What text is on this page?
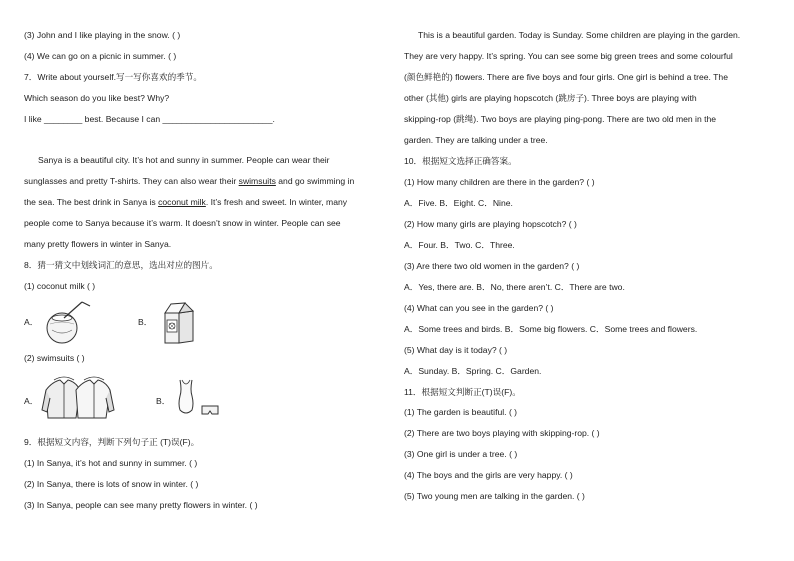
(3) John and I like playing in the snow. ( )
(4) We can go on a picnic in summer. ( )
7．Write about yourself.写一写你喜欢的季节。
Which season do you like best? Why?
I like ________ best. Because I can _______________________.
Sanya is a beautiful city. It’s hot and sunny in summer. People can wear their
sunglasses and pretty T-shirts. They can also wear their swimsuits and go swimming in
the sea. The best drink in Sanya is coconut milk. It’s fresh and sweet. In winter, many
people come to Sanya because it’s warm. It doesn’t snow in winter. People can see
many pretty flowers in winter in Sanya.
8．猜一猜文中划线词汇的意思，选出对应的图片。
(1) coconut milk ( )
A．	B．
(2) swimsuits ( )
A．	B．
9．根据短文内容，判断下列句子正 (T)误(F)。
(1) In Sanya, it’s hot and sunny in summer. ( )
(2) In Sanya, there is lots of snow in winter. ( )
(3) In Sanya, people can see many pretty flowers in winter. ( )
This is a beautiful garden. Today is Sunday. Some children are playing in the garden.
They are very happy. It’s spring. You can see some big green trees and some colourful
(颜色鲜艳的) flowers. There are five boys and four girls. One girl is behind a tree. The
other (其他) girls are playing hopscotch (跳房子). Three boys are playing with
skipping-rop (跳绳). Two boys are playing ping-pong. There are two old men in the
garden. They are talking under a tree.
10．根据短文选择正确答案。
(1) How many children are there in the garden? ( )
A．Five. B．Eight. C．Nine.
(2) How many girls are playing hopscotch? ( )
A．Four. B．Two. C．Three.
(3) Are there two old women in the garden? ( )
A．Yes, there are. B．No, there aren’t. C．There are two.
(4) What can you see in the garden? ( )
A．Some trees and birds. B．Some big flowers. C．Some trees and flowers.
(5) What day is it today? ( )
A．Sunday. B．Spring. C．Garden.
11．根据短文判断正(T)误(F)。
(1) The garden is beautiful. ( )
(2) There are two boys playing with skipping-rop. ( )
(3) One girl is under a tree. ( )
(4) The boys and the girls are very happy. ( )
(5) Two young men are talking in the garden. ( )
